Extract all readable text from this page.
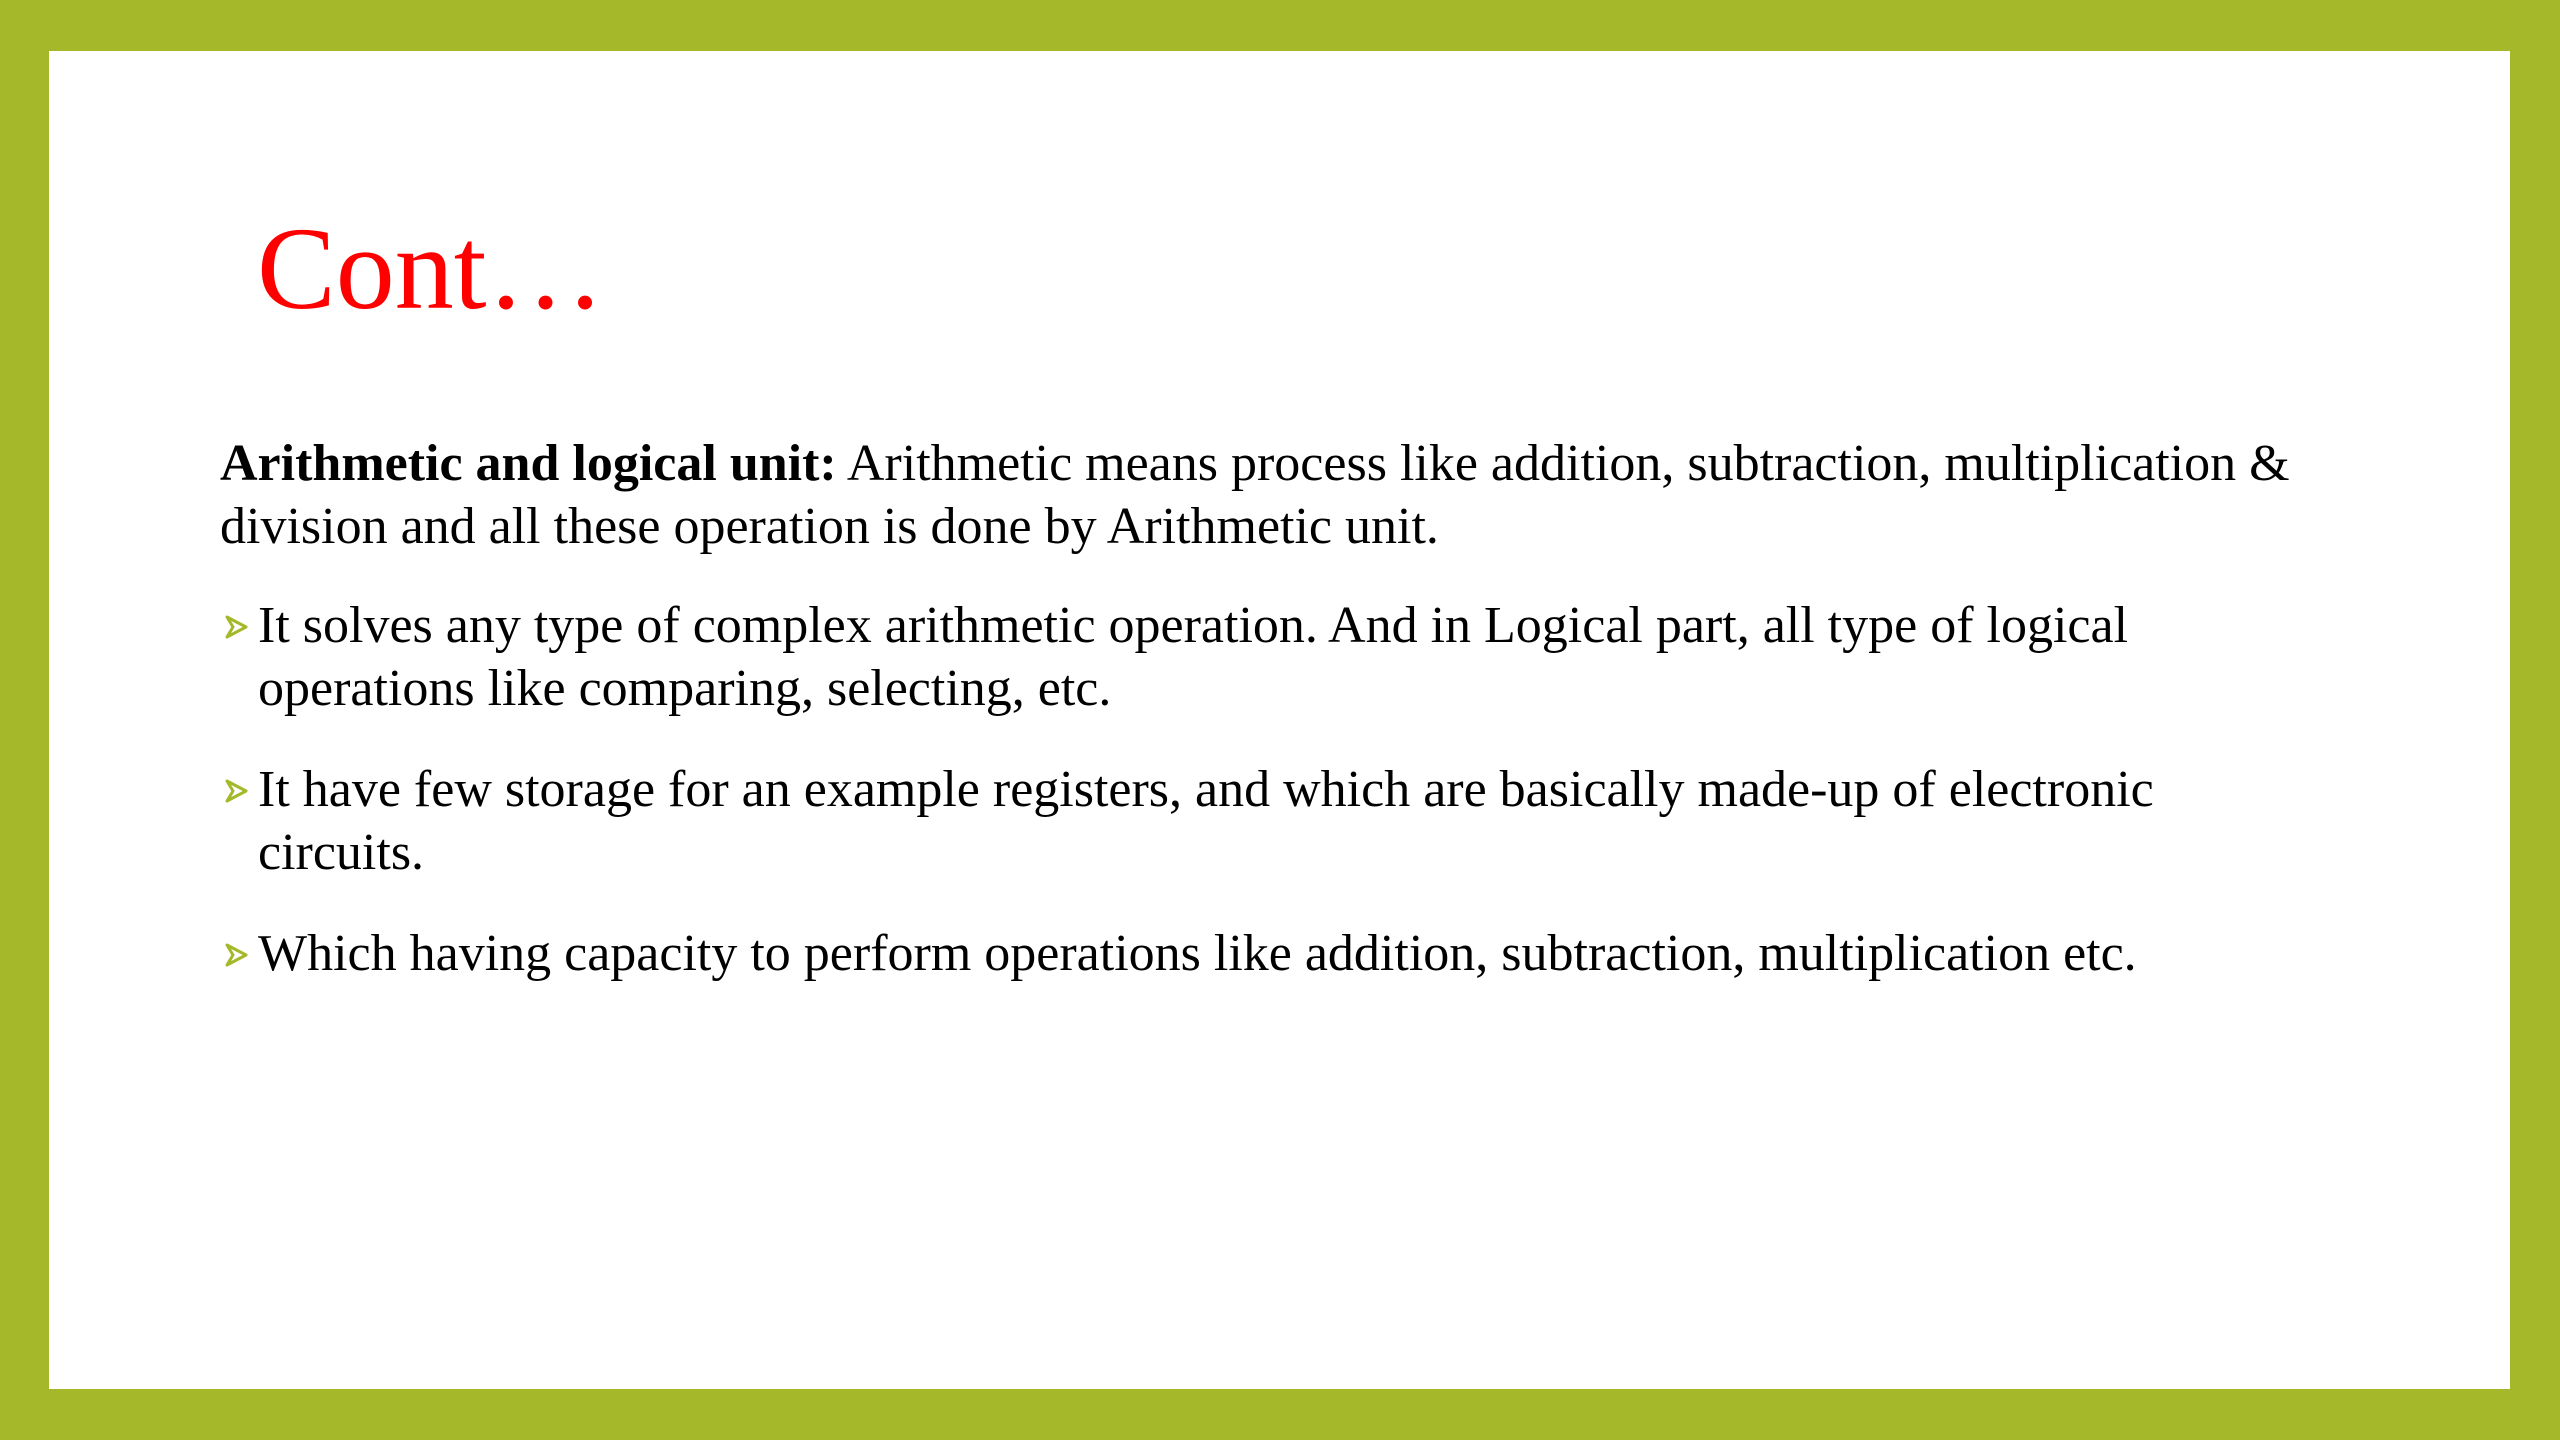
Cont…

Arithmetic and logical unit: Arithmetic means process like addition, subtraction, multiplication & division and all these operation is done by Arithmetic unit.

It solves any type of complex arithmetic operation. And in Logical part, all type of logical operations like comparing, selecting, etc.
It have few storage for an example registers, and which are basically made-up of electronic circuits.
Which having capacity to perform operations like addition, subtraction, multiplication etc.
